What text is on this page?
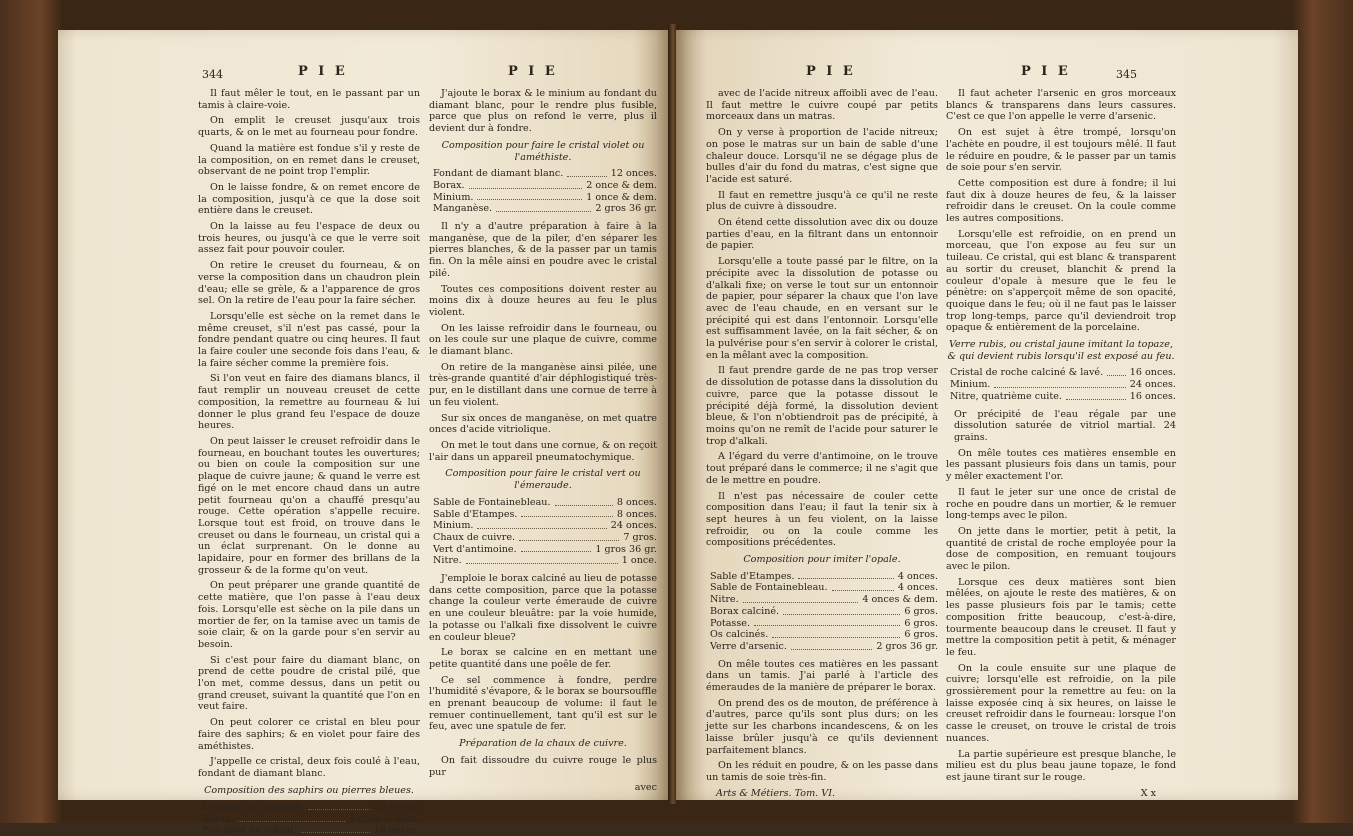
344	P I E	P I E

Il faut mêler le tout, en le passant par un tamis à claire-voie.

On emplit le creuset jusqu'aux trois quarts, & on le met au fourneau pour fondre.

Quand la matière est fondue s'il y reste de la composition, on en remet dans le creuset, observant de ne point trop l'emplir.

On le laisse fondre, & on remet encore de la composition, jusqu'à ce que la dose soit entière dans le creuset.

On la laisse au feu l'espace de deux ou trois heures, ou jusqu'à ce que le verre soit assez fait pour pouvoir couler.

On retire le creuset du fourneau, & on verse la composition dans un chaudron plein d'eau; elle se grèle, & a l'apparence de gros sel. On la retire de l'eau pour la faire sécher.

Lorsqu'elle est sèche on la remet dans le même creuset, s'il n'est pas cassé, pour la fondre pendant quatre ou cinq heures. Il faut la faire couler une seconde fois dans l'eau, & la faire sécher comme la première fois.

Si l'on veut en faire des diamans blancs, il faut remplir un nouveau creuset de cette composition, la remettre au fourneau & lui donner le plus grand feu l'espace de douze heures.

On peut laisser le creuset refroidir dans le fourneau, en bouchant toutes les ouvertures; ou bien on coule la composition sur une plaque de cuivre jaune; & quand le verre est figé on le met encore chaud dans un autre petit fourneau qu'on a chauffé presqu'au rouge. Cette opération s'appelle recuire. Lorsque tout est froid, on trouve dans le creuset ou dans le fourneau, un cristal qui a un éclat surprenant. On le donne au lapidaire, pour en former des brillans de la grosseur & de la forme qu'on veut.

On peut préparer une grande quantité de cette matière, que l'on passe à l'eau deux fois. Lorsqu'elle est sèche on la pile dans un mortier de fer, on la tamise avec un tamis de soie clair, & on la garde pour s'en servir au besoin.

Si c'est pour faire du diamant blanc, on prend de cette poudre de cristal pilé, que l'on met, comme dessus, dans un petit ou grand creuset, suivant la quantité que l'on en veut faire.

On peut colorer ce cristal en bleu pour faire des saphirs; & en violet pour faire des améthistes.

J'appelle ce cristal, deux fois coulé à l'eau, fondant de diamant blanc.

Composition des saphirs ou pierres bleues.

Fondant de diamans.	20 onces.
Borax.	1 once & dem.
Précipité de cobalt.	10 onces.

J'ajoute le borax & le minium au fondant du diamant blanc, pour le rendre plus fusible, parce que plus on refond le verre, plus il devient dur à fondre.

Composition pour faire le cristal violet ou l'améthiste.

Fondant de diamant blanc.	12 onces.
Borax.	2 once & dem.
Minium.	1 once & dem.
Manganèse.	2 gros 36 gr.

Il n'y a d'autre préparation à faire à la manganèse, que de la piler, d'en séparer les pierres blanches, & de la passer par un tamis fin. On la mêle ainsi en poudre avec le cristal pilé.

Toutes ces compositions doivent rester au moins dix à douze heures au feu le plus violent.

On les laisse refroidir dans le fourneau, ou on les coule sur une plaque de cuivre, comme le diamant blanc.

On retire de la manganèse ainsi pilée, une très-grande quantité d'air déphlogistiqué très-pur, en le distillant dans une cornue de terre à un feu violent.

Sur six onces de manganèse, on met quatre onces d'acide vitriolique.

On met le tout dans une cornue, & on reçoit l'air dans un appareil pneumatochymique.

Composition pour faire le cristal vert ou l'émeraude.

Sable de Fontainebleau.	8 onces.
Sable d'Etampes.	8 onces.
Minium.	24 onces.
Chaux de cuivre.	7 gros.
Vert d'antimoine.	1 gros 36 gr.
Nitre.	1 once.

J'emploie le borax calciné au lieu de potasse dans cette composition, parce que la potasse change la couleur verte émeraude de cuivre en une couleur bleuâtre: par la voie humide, la potasse ou l'alkali fixe dissolvent le cuivre en couleur bleue?

Le borax se calcine en en mettant une petite quantité dans une poêle de fer.

Ce sel commence à fondre, perdre l'humidité s'évapore, & le borax se boursouffle en prenant beaucoup de volume: il faut le remuer continuellement, tant qu'il est sur le feu, avec une spatule de fer.

Préparation de la chaux de cuivre.

On fait dissoudre du cuivre rouge le plus pur

avec

P I E	P I E	345

avec de l'acide nitreux affoibli avec de l'eau. Il faut mettre le cuivre coupé par petits morceaux dans un matras.

On y verse à proportion de l'acide nitreux; on pose le matras sur un bain de sable d'une chaleur douce. Lorsqu'il ne se dégage plus de bulles d'air du fond du matras, c'est signe que l'acide est saturé.

Il faut en remettre jusqu'à ce qu'il ne reste plus de cuivre à dissoudre.

On étend cette dissolution avec dix ou douze parties d'eau, en la filtrant dans un entonnoir de papier.

Lorsqu'elle a toute passé par le filtre, on la précipite avec la dissolution de potasse ou d'alkali fixe; on verse le tout sur un entonnoir de papier, pour séparer la chaux que l'on lave avec de l'eau chaude, en en versant sur le précipité qui est dans l'entonnoir. Lorsqu'elle est suffisamment lavée, on la fait sécher, & on la pulvérise pour s'en servir à colorer le cristal, en la mêlant avec la composition.

Il faut prendre garde de ne pas trop verser de dissolution de potasse dans la dissolution du cuivre, parce que la potasse dissout le précipité déjà formé, la dissolution devient bleue, & l'on n'obtiendroit pas de précipité, à moins qu'on ne remît de l'acide pour saturer le trop d'alkali.

A l'égard du verre d'antimoine, on le trouve tout préparé dans le commerce; il ne s'agit que de le mettre en poudre.

Il n'est pas nécessaire de couler cette composition dans l'eau; il faut la tenir six à sept heures à un feu violent, on la laisse refroidir, ou on la coule comme les compositions précédentes.

Composition pour imiter l'opale.

Sable d'Etampes.	4 onces.
Sable de Fontainebleau.	4 onces.
Nitre.	4 onces & dem.
Borax calciné.	6 gros.
Potasse.	6 gros.
Os calcinés.	6 gros.
Verre d'arsenic.	2 gros 36 gr.

On mêle toutes ces matières en les passant dans un tamis. J'ai parlé à l'article des émeraudes de la manière de préparer le borax.

On prend des os de mouton, de préférence à d'autres, parce qu'ils sont plus durs; on les jette sur les charbons incandescens, & on les laisse brûler jusqu'à ce qu'ils deviennent parfaitement blancs.

On les réduit en poudre, & on les passe dans un tamis de soie très-fin.

Arts & Métiers. Tom. VI.

Il faut acheter l'arsenic en gros morceaux blancs & transparens dans leurs cassures. C'est ce que l'on appelle le verre d'arsenic.

On est sujet à être trompé, lorsqu'on l'achète en poudre, il est toujours mêlé. Il faut le réduire en poudre, & le passer par un tamis de soie pour s'en servir.

Cette composition est dure à fondre; il lui faut dix à douze heures de feu, & la laisser refroidir dans le creuset. On la coule comme les autres compositions.

Lorsqu'elle est refroidie, on en prend un morceau, que l'on expose au feu sur un tuileau. Ce cristal, qui est blanc & transparent au sortir du creuset, blanchit & prend la couleur d'opale à mesure que le feu le pénètre: on s'apperçoit même de son opacité, quoique dans le feu; où il ne faut pas le laisser trop long-temps, parce qu'il deviendroit trop opaque & entièrement de la porcelaine.

Verre rubis, ou cristal jaune imitant la topaze, & qui devient rubis lorsqu'il est exposé au feu.

Cristal de roche calciné & lavé.	16 onces.
Minium.	24 onces.
Nitre, quatrième cuite.	16 onces.

Or précipité de l'eau régale par une dissolution saturée de vitriol martial. 24 grains.

On mêle toutes ces matières ensemble en les passant plusieurs fois dans un tamis, pour y mêler exactement l'or.

Il faut le jeter sur une once de cristal de roche en poudre dans un mortier, & le remuer long-temps avec le pilon.

On jette dans le mortier, petit à petit, la quantité de cristal de roche employée pour la dose de composition, en remuant toujours avec le pilon.

Lorsque ces deux matières sont bien mêlées, on ajoute le reste des matières, & on les passe plusieurs fois par le tamis; cette composition fritte beaucoup, c'est-à-dire, tourmente beaucoup dans le creuset. Il faut y mettre la composition petit à petit, & ménager le feu.

On la coule ensuite sur une plaque de cuivre; lorsqu'elle est refroidie, on la pile grossièrement pour la remettre au feu: on la laisse exposée cinq à six heures, on laisse le creuset refroidir dans le fourneau: lorsque l'on casse le creuset, on trouve le cristal de trois nuances.

La partie supérieure est presque blanche, le milieu est du plus beau jaune topaze, le fond est jaune tirant sur le rouge.

X x
